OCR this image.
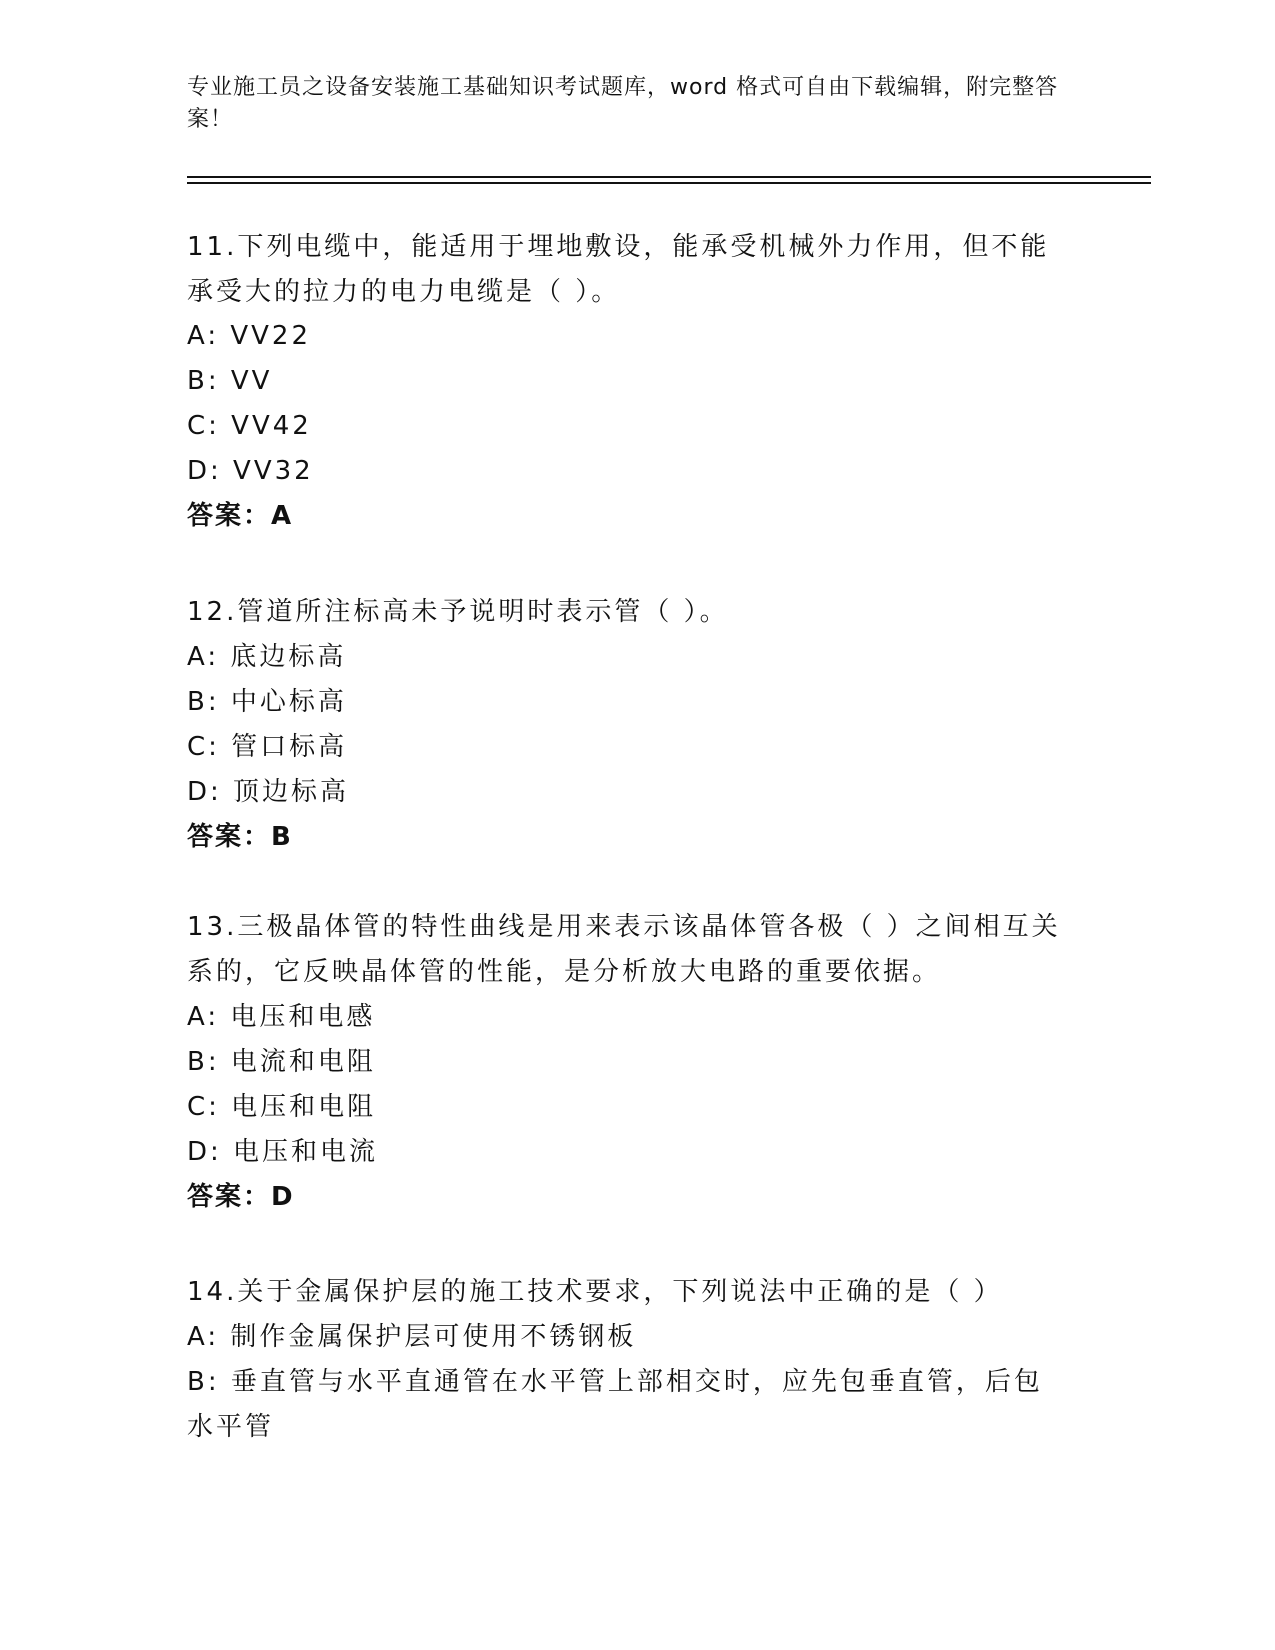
专业施工员之设备安装施工基础知识考试题库，word 格式可自由下载编辑，附完整答案！
11.下列电缆中，能适用于埋地敷设，能承受机械外力作用，但不能承受大的拉力的电力电缆是（ ）。
A: VV22
B: VV
C: VV42
D: VV32
答案：A
12.管道所注标高未予说明时表示管（ ）。
A: 底边标高
B: 中心标高
C: 管口标高
D: 顶边标高
答案：B
13.三极晶体管的特性曲线是用来表示该晶体管各极（ ）之间相互关系的，它反映晶体管的性能，是分析放大电路的重要依据。
A: 电压和电感
B: 电流和电阻
C: 电压和电阻
D: 电压和电流
答案：D
14.关于金属保护层的施工技术要求，下列说法中正确的是（ ）
A: 制作金属保护层可使用不锈钢板
B: 垂直管与水平直通管在水平管上部相交时，应先包垂直管，后包水平管
